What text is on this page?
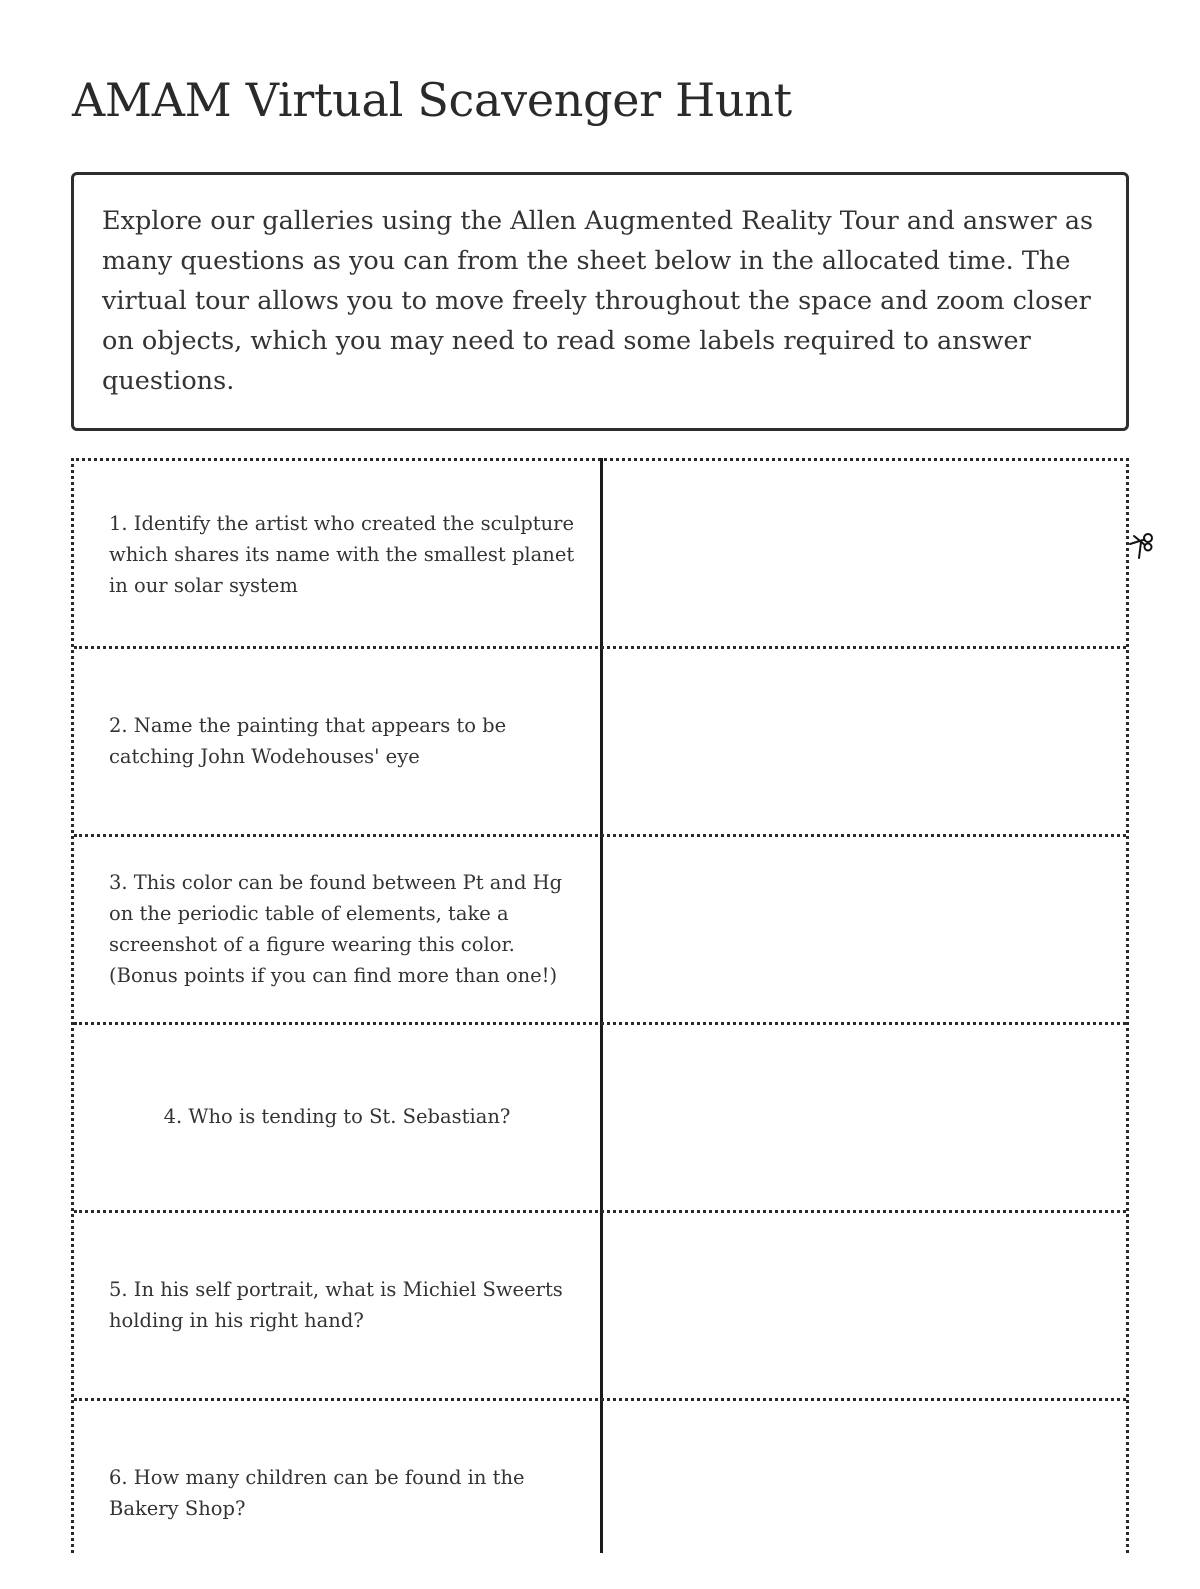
AMAM Virtual Scavenger Hunt

Explore our galleries using the Allen Augmented Reality Tour and answer as many questions as you can from the sheet below in the allocated time. The virtual tour allows you to move freely throughout the space and zoom closer on objects, which you may need to read some labels required to answer questions.

1. Identify the artist who created the sculpture which shares its name with the smallest planet in our solar system

2. Name the painting that appears to be catching John Wodehouses' eye

3. This color can be found between Pt and Hg on the periodic table of elements, take a screenshot of a figure wearing this color. (Bonus points if you can find more than one!)

4. Who is tending to St. Sebastian?

5. In his self portrait, what is Michiel Sweerts holding in his right hand?

6. How many children can be found in the Bakery Shop?
